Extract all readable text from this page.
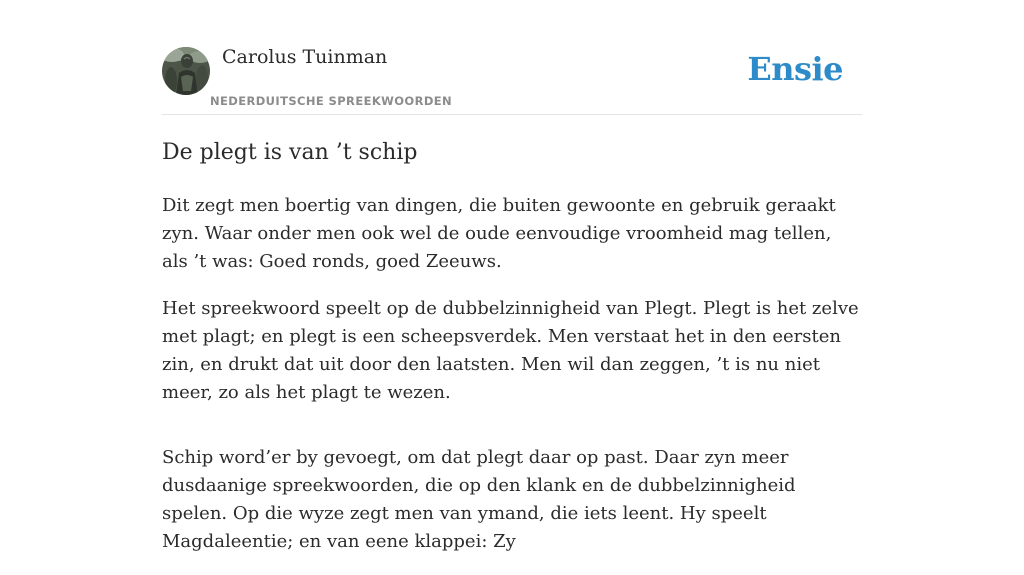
Carolus Tuinman
NEDERDUITSCHE SPREEKWOORDEN
Ensie
De plegt is van ’t schip

Dit zegt men boertig van dingen, die buiten gewoonte en gebruik geraakt zyn. Waar onder men ook wel de oude eenvoudige vroomheid mag tellen, als ’t was: Goed ronds, goed Zeeuws.

Het spreekwoord speelt op de dubbelzinnigheid van Plegt. Plegt is het zelve met plagt; en plegt is een scheepsverdek. Men verstaat het in den eersten zin, en drukt dat uit door den laatsten. Men wil dan zeggen, ’t is nu niet meer, zo als het plagt te wezen.

Schip word’er by gevoegt, om dat plegt daar op past. Daar zyn meer dusdaanige spreekwoorden, die op den klank en de dubbelzinnigheid spelen. Op die wyze zegt men van ymand, die iets leent. Hy speelt Magdaleentie; en van eene klappei: Zy
